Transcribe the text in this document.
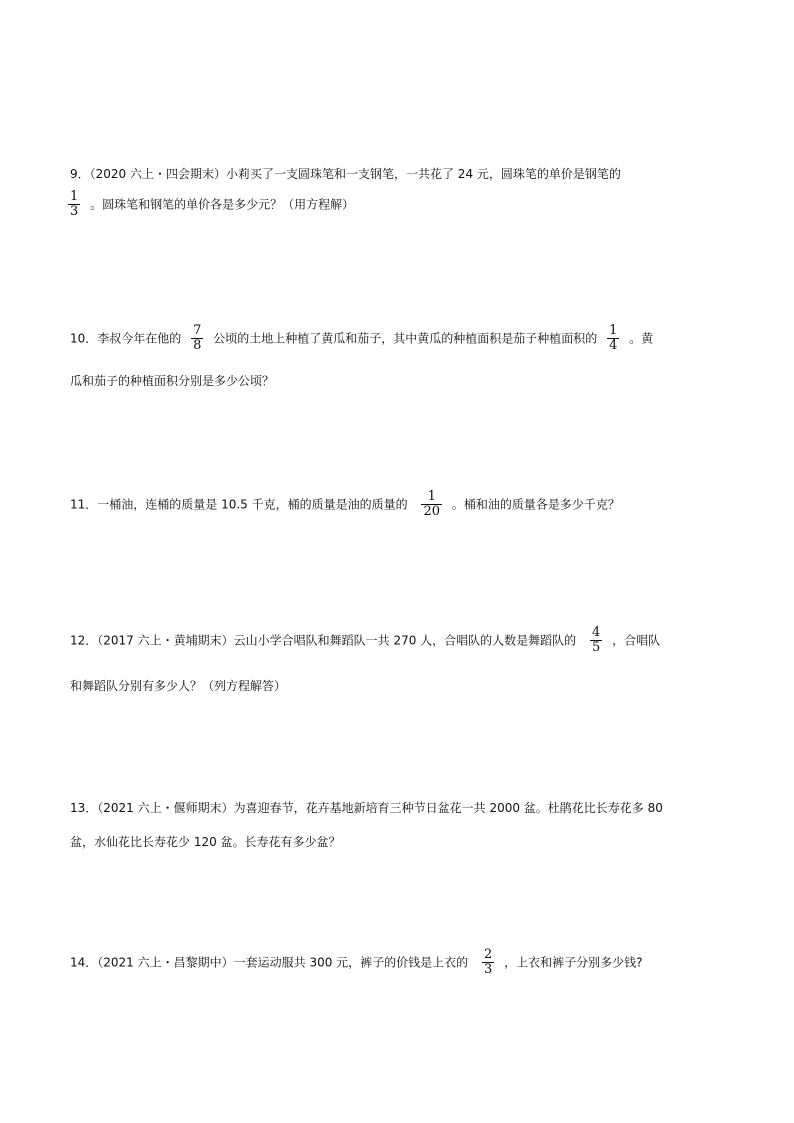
9．（2020 六上・四会期末）小莉买了一支圆珠笔和一支钢笔，一共花了 24 元，圆珠笔的单价是钢笔的
$\frac{1}{3}$ 。圆珠笔和钢笔的单价各是多少元？（用方程解）
10．李叔今年在他的 $\frac{7}{8}$ 公顷的土地上种植了黄瓜和茄子，其中黄瓜的种植面积是茄子种植面积的 $\frac{1}{4}$ 。黄
瓜和茄子的种植面积分别是多少公顷？
11．一桶油，连桶的质量是 10.5 千克，桶的质量是油的质量的 $\frac{1}{20}$ 。桶和油的质量各是多少千克？
12．（2017 六上・黄埔期末）云山小学合唱队和舞蹈队一共 270 人，合唱队的人数是舞蹈队的 $\frac{4}{5}$ ，合唱队
和舞蹈队分别有多少人？（列方程解答）
13．（2021 六上・偃师期末）为喜迎春节，花卉基地新培育三种节日盆花一共 2000 盆。杜鹃花比长寿花多 80
盆，水仙花比长寿花少 120 盆。长寿花有多少盆？
14．（2021 六上・昌黎期中）一套运动服共 300 元，裤子的价钱是上衣的 $\frac{2}{3}$ ，上衣和裤子分别多少钱?
